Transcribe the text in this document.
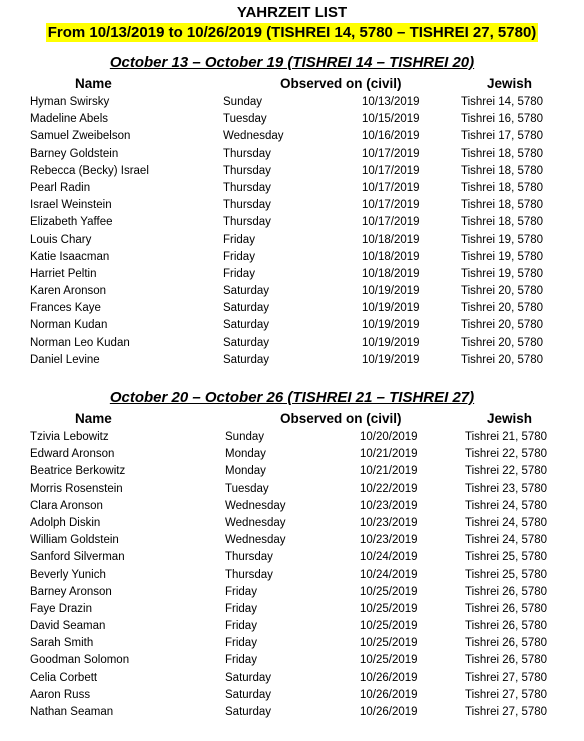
YAHRZEIT LIST
From 10/13/2019 to 10/26/2019 (TISHREI 14, 5780 – TISHREI 27, 5780)
October 13 – October 19 (TISHREI 14 – TISHREI 20)
Name	Observed on (civil)	Jewish
Hyman Swirsky	Sunday	10/13/2019	Tishrei 14, 5780
Madeline Abels	Tuesday	10/15/2019	Tishrei 16, 5780
Samuel Zweibelson	Wednesday	10/16/2019	Tishrei 17, 5780
Barney Goldstein	Thursday	10/17/2019	Tishrei 18, 5780
Rebecca (Becky) Israel	Thursday	10/17/2019	Tishrei 18, 5780
Pearl Radin	Thursday	10/17/2019	Tishrei 18, 5780
Israel Weinstein	Thursday	10/17/2019	Tishrei 18, 5780
Elizabeth Yaffee	Thursday	10/17/2019	Tishrei 18, 5780
Louis Chary	Friday	10/18/2019	Tishrei 19, 5780
Katie Isaacman	Friday	10/18/2019	Tishrei 19, 5780
Harriet Peltin	Friday	10/18/2019	Tishrei 19, 5780
Karen Aronson	Saturday	10/19/2019	Tishrei 20, 5780
Frances Kaye	Saturday	10/19/2019	Tishrei 20, 5780
Norman Kudan	Saturday	10/19/2019	Tishrei 20, 5780
Norman Leo Kudan	Saturday	10/19/2019	Tishrei 20, 5780
Daniel Levine	Saturday	10/19/2019	Tishrei 20, 5780
October 20 – October 26 (TISHREI 21 – TISHREI 27)
Name	Observed on (civil)	Jewish
Tzivia Lebowitz	Sunday	10/20/2019	Tishrei 21, 5780
Edward Aronson	Monday	10/21/2019	Tishrei 22, 5780
Beatrice Berkowitz	Monday	10/21/2019	Tishrei 22, 5780
Morris Rosenstein	Tuesday	10/22/2019	Tishrei 23, 5780
Clara Aronson	Wednesday	10/23/2019	Tishrei 24, 5780
Adolph Diskin	Wednesday	10/23/2019	Tishrei 24, 5780
William Goldstein	Wednesday	10/23/2019	Tishrei 24, 5780
Sanford Silverman	Thursday	10/24/2019	Tishrei 25, 5780
Beverly Yunich	Thursday	10/24/2019	Tishrei 25, 5780
Barney Aronson	Friday	10/25/2019	Tishrei 26, 5780
Faye Drazin	Friday	10/25/2019	Tishrei 26, 5780
David Seaman	Friday	10/25/2019	Tishrei 26, 5780
Sarah Smith	Friday	10/25/2019	Tishrei 26, 5780
Goodman Solomon	Friday	10/25/2019	Tishrei 26, 5780
Celia Corbett	Saturday	10/26/2019	Tishrei 27, 5780
Aaron Russ	Saturday	10/26/2019	Tishrei 27, 5780
Nathan Seaman	Saturday	10/26/2019	Tishrei 27, 5780
